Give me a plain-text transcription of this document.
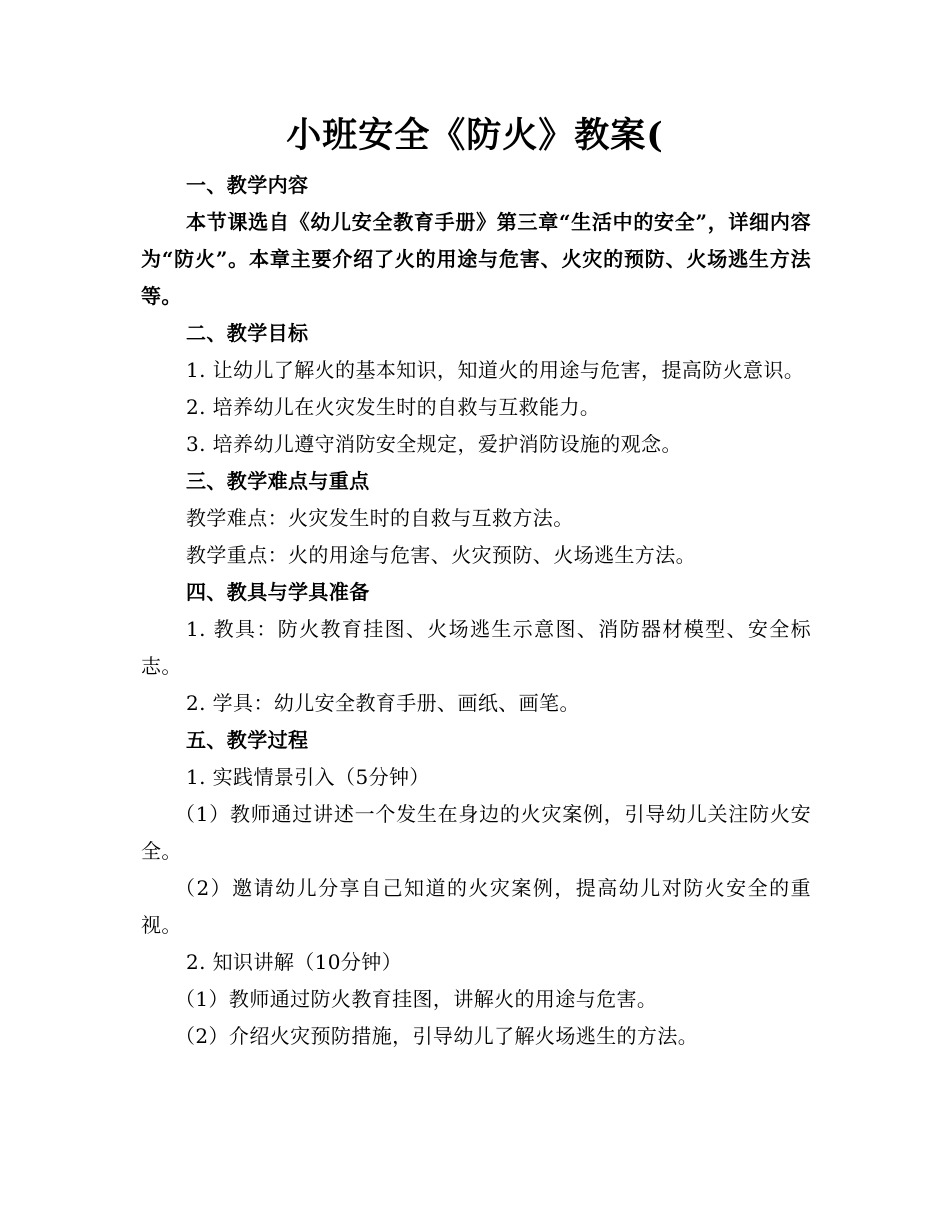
小班安全《防火》教案(

一、教学内容

本节课选自《幼儿安全教育手册》第三章“生活中的安全”，详细内容为“防火”。本章主要介绍了火的用途与危害、火灾的预防、火场逃生方法等。

二、教学目标

1. 让幼儿了解火的基本知识，知道火的用途与危害，提高防火意识。

2. 培养幼儿在火灾发生时的自救与互救能力。

3. 培养幼儿遵守消防安全规定，爱护消防设施的观念。

三、教学难点与重点

教学难点：火灾发生时的自救与互救方法。

教学重点：火的用途与危害、火灾预防、火场逃生方法。

四、教具与学具准备

1. 教具：防火教育挂图、火场逃生示意图、消防器材模型、安全标志。

2. 学具：幼儿安全教育手册、画纸、画笔。

五、教学过程

1. 实践情景引入（5分钟）

（1）教师通过讲述一个发生在身边的火灾案例，引导幼儿关注防火安全。

（2）邀请幼儿分享自己知道的火灾案例，提高幼儿对防火安全的重视。

2. 知识讲解（10分钟）

（1）教师通过防火教育挂图，讲解火的用途与危害。

（2）介绍火灾预防措施，引导幼儿了解火场逃生的方法。
